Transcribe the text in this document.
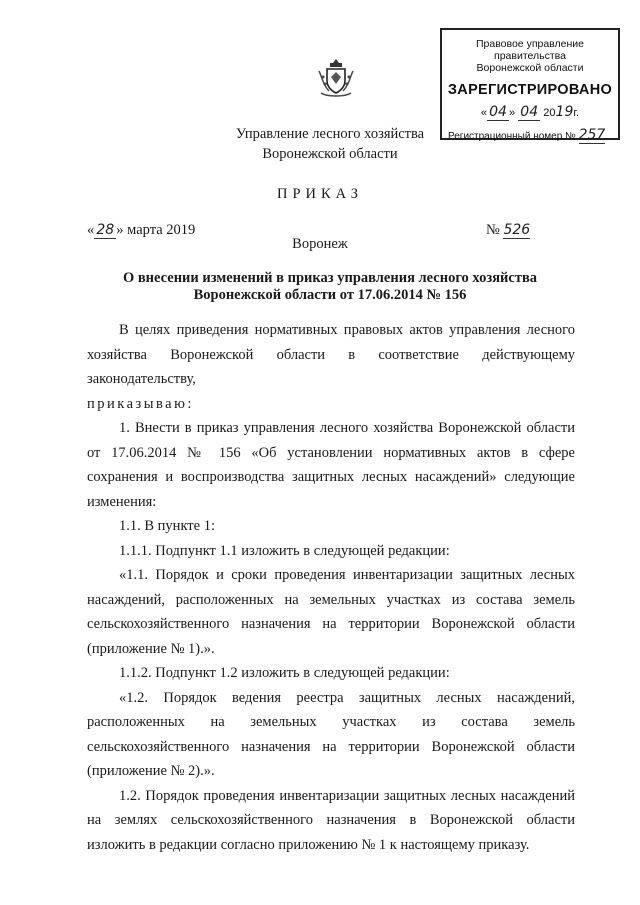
Правовое управление правительства
Воронежской области
ЗАРЕГИСТРИРОВАНО
« 04 » 04 2019г.
Регистрационный номер № 257
Управление лесного хозяйства
Воронежской области
ПРИКАЗ
« 28 » марта 2019	№ 526
Воронеж
О внесении изменений в приказ управления лесного хозяйства
Воронежской области от 17.06.2014 № 156

В целях приведения нормативных правовых актов управления лесного хозяйства Воронежской области в соответствие действующему законодательству,

приказываю:

1. Внести в приказ управления лесного хозяйства Воронежской области от 17.06.2014 № 156 «Об установлении нормативных актов в сфере сохранения и воспроизводства защитных лесных насаждений» следующие изменения:

1.1. В пункте 1:

1.1.1. Подпункт 1.1 изложить в следующей редакции:

«1.1. Порядок и сроки проведения инвентаризации защитных лесных насаждений, расположенных на земельных участках из состава земель сельскохозяйственного назначения на территории Воронежской области (приложение № 1).».

1.1.2. Подпункт 1.2 изложить в следующей редакции:

«1.2. Порядок ведения реестра защитных лесных насаждений, расположенных на земельных участках из состава земель сельскохозяйственного назначения на территории Воронежской области (приложение № 2).».

1.2. Порядок проведения инвентаризации защитных лесных насаждений на землях сельскохозяйственного назначения в Воронежской области изложить в редакции согласно приложению № 1 к настоящему приказу.
